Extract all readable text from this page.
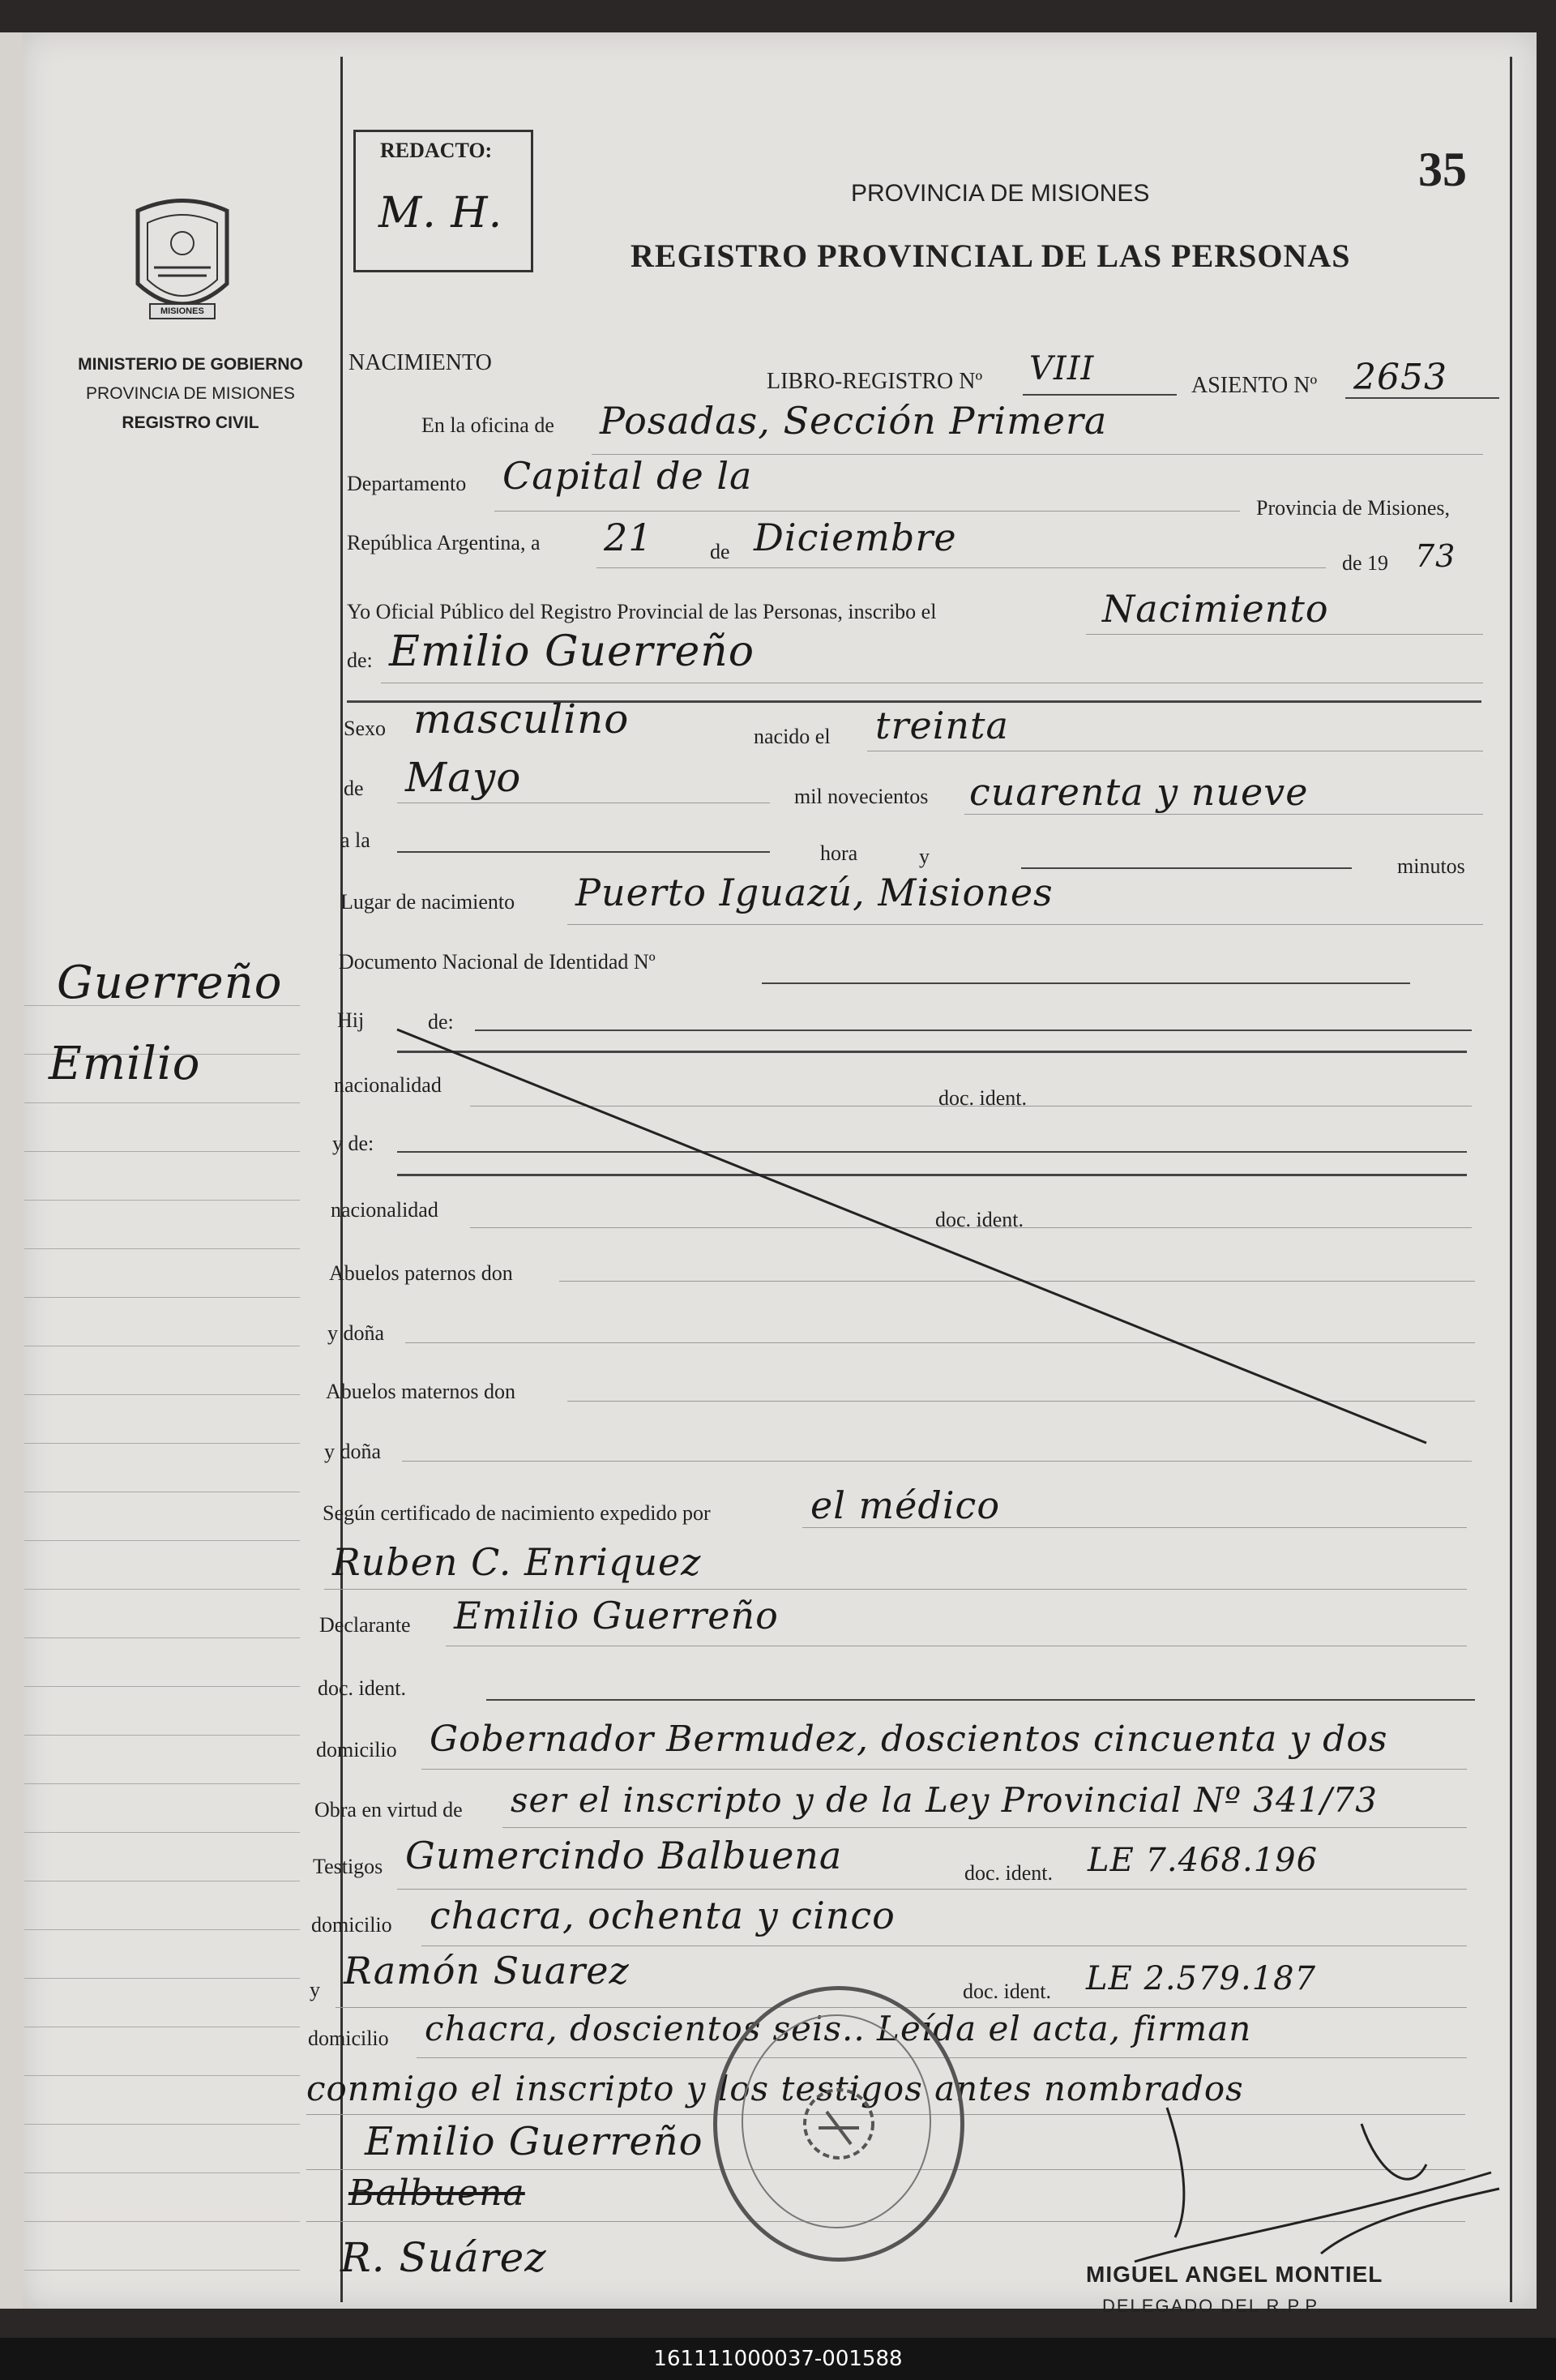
MISIONES
MINISTERIO DE GOBIERNO
PROVINCIA DE MISIONES
REGISTRO CIVIL
Guerreño
Emilio
REDACTO:
M. H.
35
PROVINCIA DE MISIONES
REGISTRO PROVINCIAL DE LAS PERSONAS
NACIMIENTO
LIBRO-REGISTRO Nº VIII	ASIENTO Nº 2653
En la oficina de Posadas, Sección Primera
Departamento Capital de la
Provincia de Misiones,
República Argentina, a 21	de Diciembre
de 19 73
Yo Oficial Público del Registro Provincial de las Personas, inscribo el	Nacimiento
de: Emilio Guerreño
Sexo masculino	nacido el treinta
de Mayo	mil novecientos cuarenta y nueve
a la
hora	y	minutos
Lugar de nacimiento Puerto Iguazú, Misiones
Documento Nacional de Identidad Nº
Hij	de:
nacionalidad
doc. ident.
y de:
nacionalidad	doc. ident.
Abuelos paternos don
y doña
Abuelos maternos don
y doña
Según certificado de nacimiento expedido por	el médico
Ruben C. Enriquez
Declarante Emilio Guerreño
doc. ident.
domicilio Gobernador Bermudez, doscientos cincuenta y dos
Obra en virtud de ser el inscripto y de la Ley Provincial Nº 341/73
Testigos Gumercindo Balbuena	doc. ident. LE 7.468.196
domicilio chacra, ochenta y cinco
y Ramón Suarez	doc. ident. LE 2.579.187
domicilio chacra, doscientos seis.. Leída el acta, firman
conmigo el inscripto y los testigos antes nombrados
Emilio Guerreño
Balbuena
R. Suárez	MIGUEL ANGEL MONTIEL
DELEGADO DEL R.P.P.
161111000037-001588
